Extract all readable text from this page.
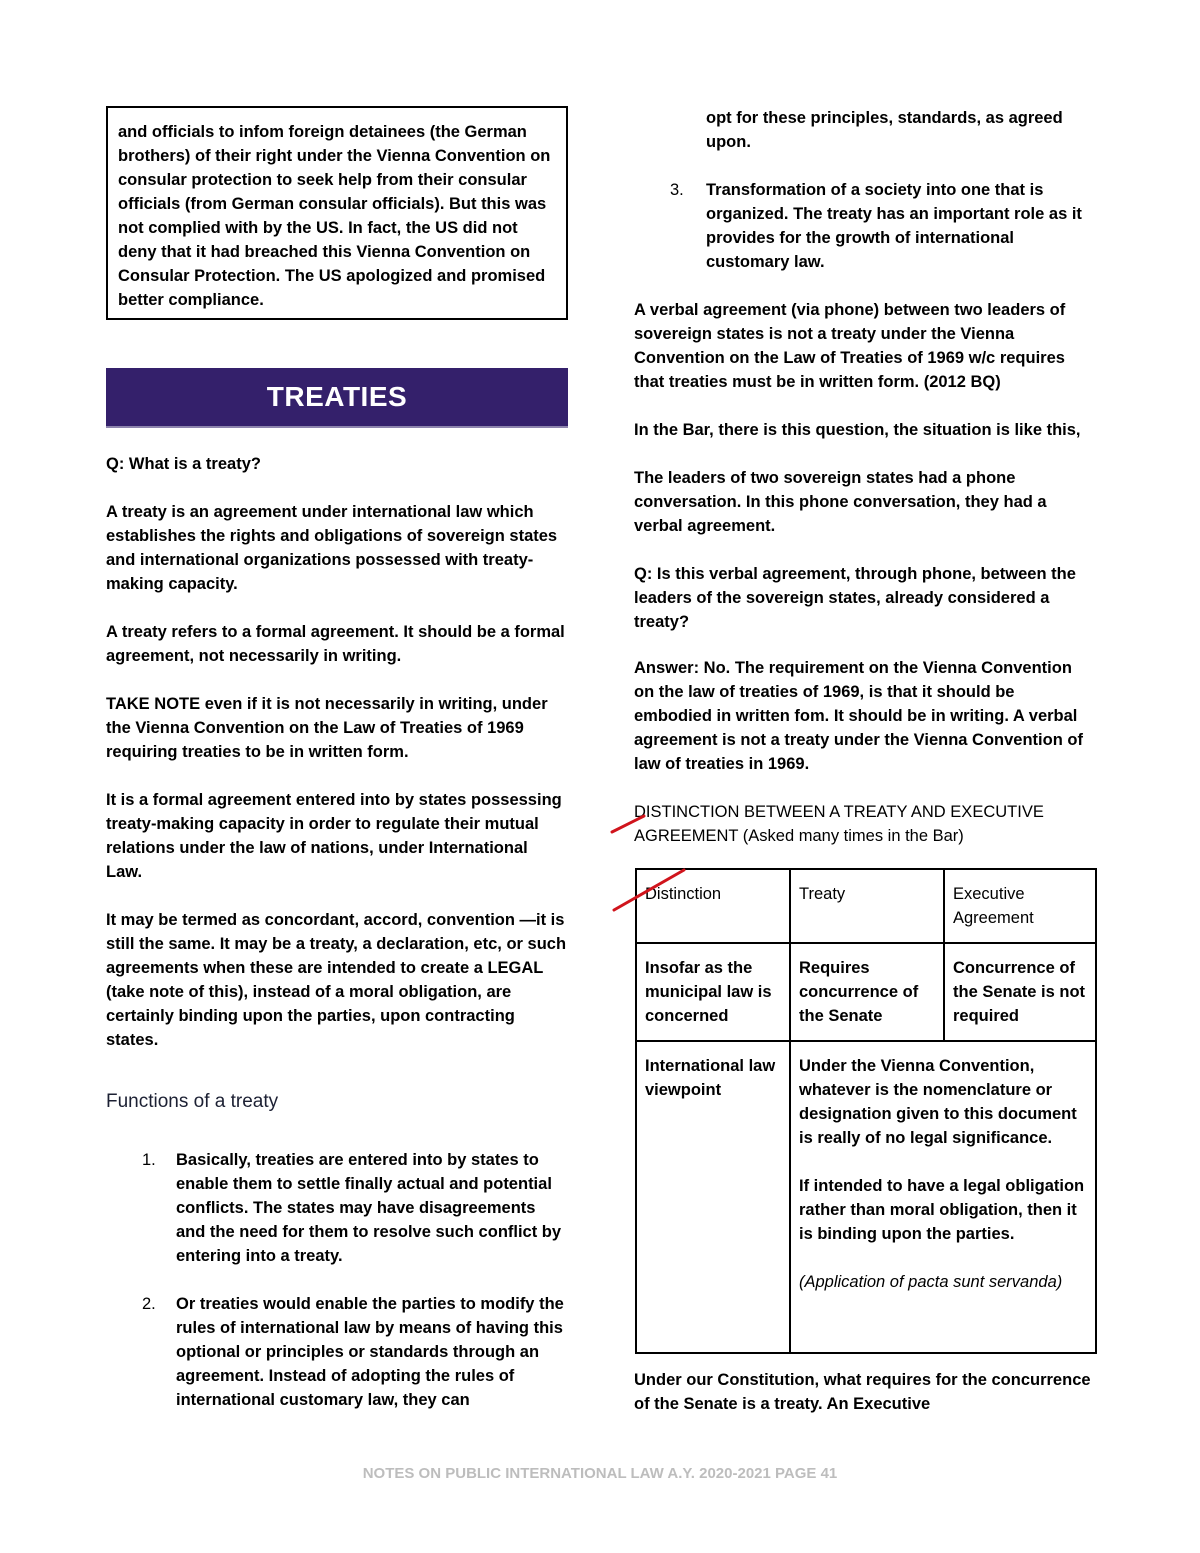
and officials to infom foreign detainees (the German brothers) of their right under the Vienna Convention on consular protection to seek help from their consular officials (from German consular officials). But this was not complied with by the US. In fact, the US did not deny that it had breached this Vienna Convention on Consular Protection. The US apologized and promised better compliance.

TREATIES

Q: What is a treaty?

A treaty is an agreement under international law which establishes the rights and obligations of sovereign states and international organizations possessed with treaty-making capacity.

A treaty refers to a formal agreement. It should be a formal agreement, not necessarily in writing.

TAKE NOTE even if it is not necessarily in writing, under the Vienna Convention on the Law of Treaties of 1969 requiring treaties to be in written form.

It is a formal agreement entered into by states possessing treaty-making capacity in order to regulate their mutual relations under the law of nations, under International Law.

It may be termed as concordant, accord, convention —it is still the same. It may be a treaty, a declaration, etc, or such agreements when these are intended to create a LEGAL (take note of this), instead of a moral obligation, are certainly binding upon the parties, upon contracting states.

Functions of a treaty
1. Basically, treaties are entered into by states to enable them to settle finally actual and potential conflicts. The states may have disagreements and the need for them to resolve such conflict by entering into a treaty.
2. Or treaties would enable the parties to modify the rules of international law by means of having this optional or principles or standards through an agreement. Instead of adopting the rules of international customary law, they can
opt for these principles, standards, as agreed upon.
3. Transformation of a society into one that is organized. The treaty has an important role as it provides for the growth of international customary law.

A verbal agreement (via phone) between two leaders of sovereign states is not a treaty under the Vienna Convention on the Law of Treaties of 1969 w/c requires that treaties must be in written form. (2012 BQ)

In the Bar, there is this question, the situation is like this,

The leaders of two sovereign states had a phone conversation. In this phone conversation, they had a verbal agreement.

Q: Is this verbal agreement, through phone, between the leaders of the sovereign states, already considered a treaty?

Answer: No. The requirement on the Vienna Convention on the law of treaties of 1969, is that it should be embodied in written fom. It should be in writing. A verbal agreement is not a treaty under the Vienna Convention of law of treaties in 1969.

DISTINCTION BETWEEN A TREATY AND EXECUTIVE AGREEMENT (Asked many times in the Bar)

Distinction	Treaty	Executive Agreement
Insofar as the municipal law is concerned	Requires concurrence of the Senate	Concurrence of the Senate is not required
International law viewpoint	Under the Vienna Convention, whatever is the nomenclature or designation given to this document is really of no legal significance.

If intended to have a legal obligation rather than moral obligation, then it is binding upon the parties.

(Application of pacta sunt servanda)	

Under our Constitution, what requires for the concurrence of the Senate is a treaty. An Executive

NOTES ON PUBLIC INTERNATIONAL LAW A.Y. 2020-2021 PAGE 41
